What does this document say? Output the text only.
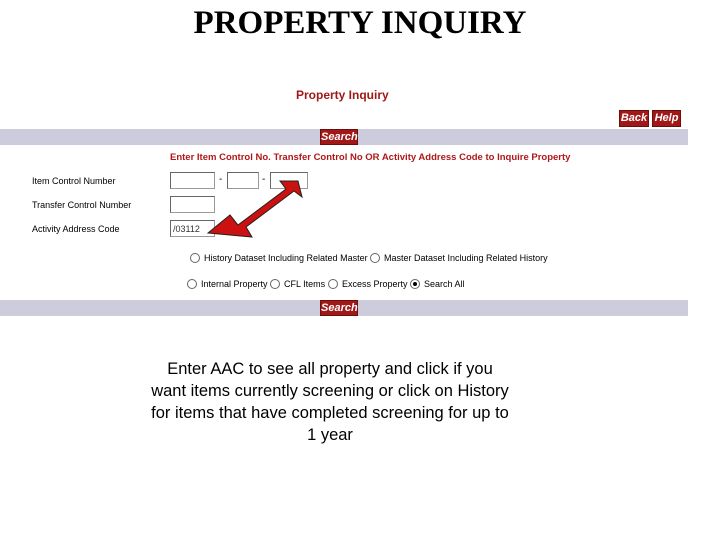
PROPERTY INQUIRY
Property Inquiry
Back Help
Search
Enter Item Control No. Transfer Control No OR Activity Address Code to Inquire Property
Item Control Number	-	-
Transfer Control Number
Activity Address Code
/03112
History Dataset Including Related Master Master Dataset Including Related History
Internal Property CFL Items Excess Property Search All
Search
Enter AAC to see all property and click if you want items currently screening or click on History for items that have completed screening for up to 1 year
